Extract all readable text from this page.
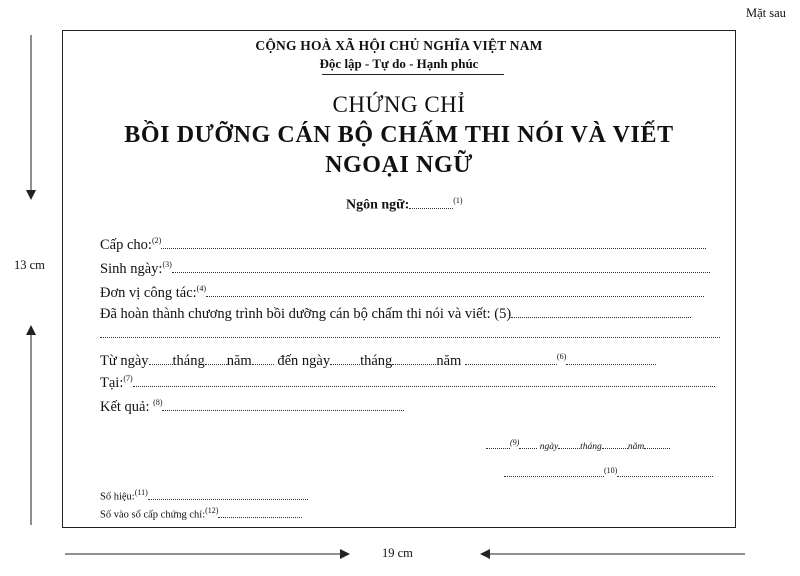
Mặt sau
13 cm
19 cm
CỘNG HOÀ XÃ HỘI CHỦ NGHĨA VIỆT NAM
Độc lập - Tự do - Hạnh phúc
CHỨNG CHỈ
BỒI DƯỠNG CÁN BỘ CHẤM THI NÓI VÀ VIẾT
NGOẠI NGỮ
Ngôn ngữ:	$^{(1)}$
Cấp cho:$^{(2)}$
Sinh ngày:$^{(3)}$
Đơn vị công tác:$^{(4)}$
Đã hoàn thành chương trình bồi dưỡng cán bộ chấm thi nói và viết: (5)
Từ ngày tháng năm đến ngày tháng	năm	$^{(6)}$
Tại:$^{(7)}$
Kết quả: $^{(8)}$
$^{(9)}$ ngày tháng	năm
$^{(10)}$
Số hiệu:$^{(11)}$
Số vào sổ cấp chứng chỉ:$^{(12)}$
